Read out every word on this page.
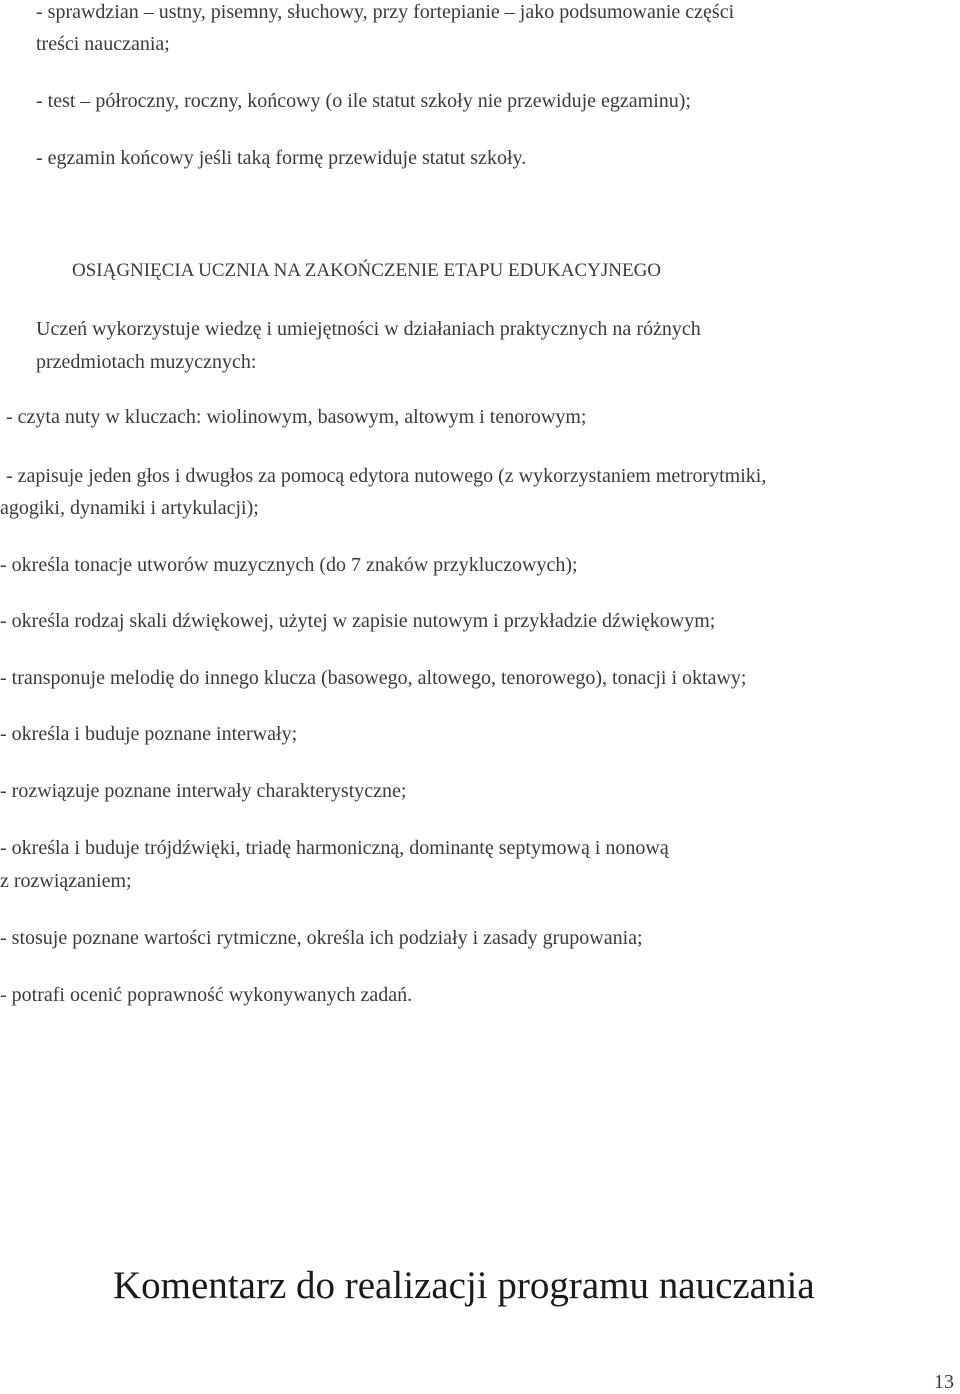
- sprawdzian – ustny, pisemny, słuchowy, przy fortepianie – jako podsumowanie części
treści nauczania;
- test – półroczny, roczny, końcowy (o ile statut szkoły nie przewiduje egzaminu);
- egzamin końcowy jeśli taką formę przewiduje statut szkoły.
OSIĄGNIĘCIA UCZNIA NA ZAKOŃCZENIE ETAPU EDUKACYJNEGO
Uczeń wykorzystuje wiedzę i umiejętności w działaniach praktycznych na różnych
przedmiotach muzycznych:
- czyta nuty w kluczach: wiolinowym, basowym, altowym i tenorowym;
- zapisuje jeden głos i dwugłos za pomocą edytora nutowego (z wykorzystaniem metrorytmiki,
agogiki, dynamiki i artykulacji);
- określa tonacje utworów muzycznych (do 7 znaków przykluczowych);
- określa rodzaj skali dźwiękowej, użytej w zapisie nutowym i przykładzie dźwiękowym;
- transponuje melodię do innego klucza (basowego, altowego, tenorowego), tonacji i oktawy;
- określa i buduje poznane interwały;
- rozwiązuje poznane interwały charakterystyczne;
- określa i buduje trójdźwięki, triadę harmoniczną, dominantę septymową i nonową
z rozwiązaniem;
- stosuje poznane wartości rytmiczne, określa ich podziały i zasady grupowania;
- potrafi ocenić poprawność wykonywanych zadań.
Komentarz do realizacji programu nauczania
13
